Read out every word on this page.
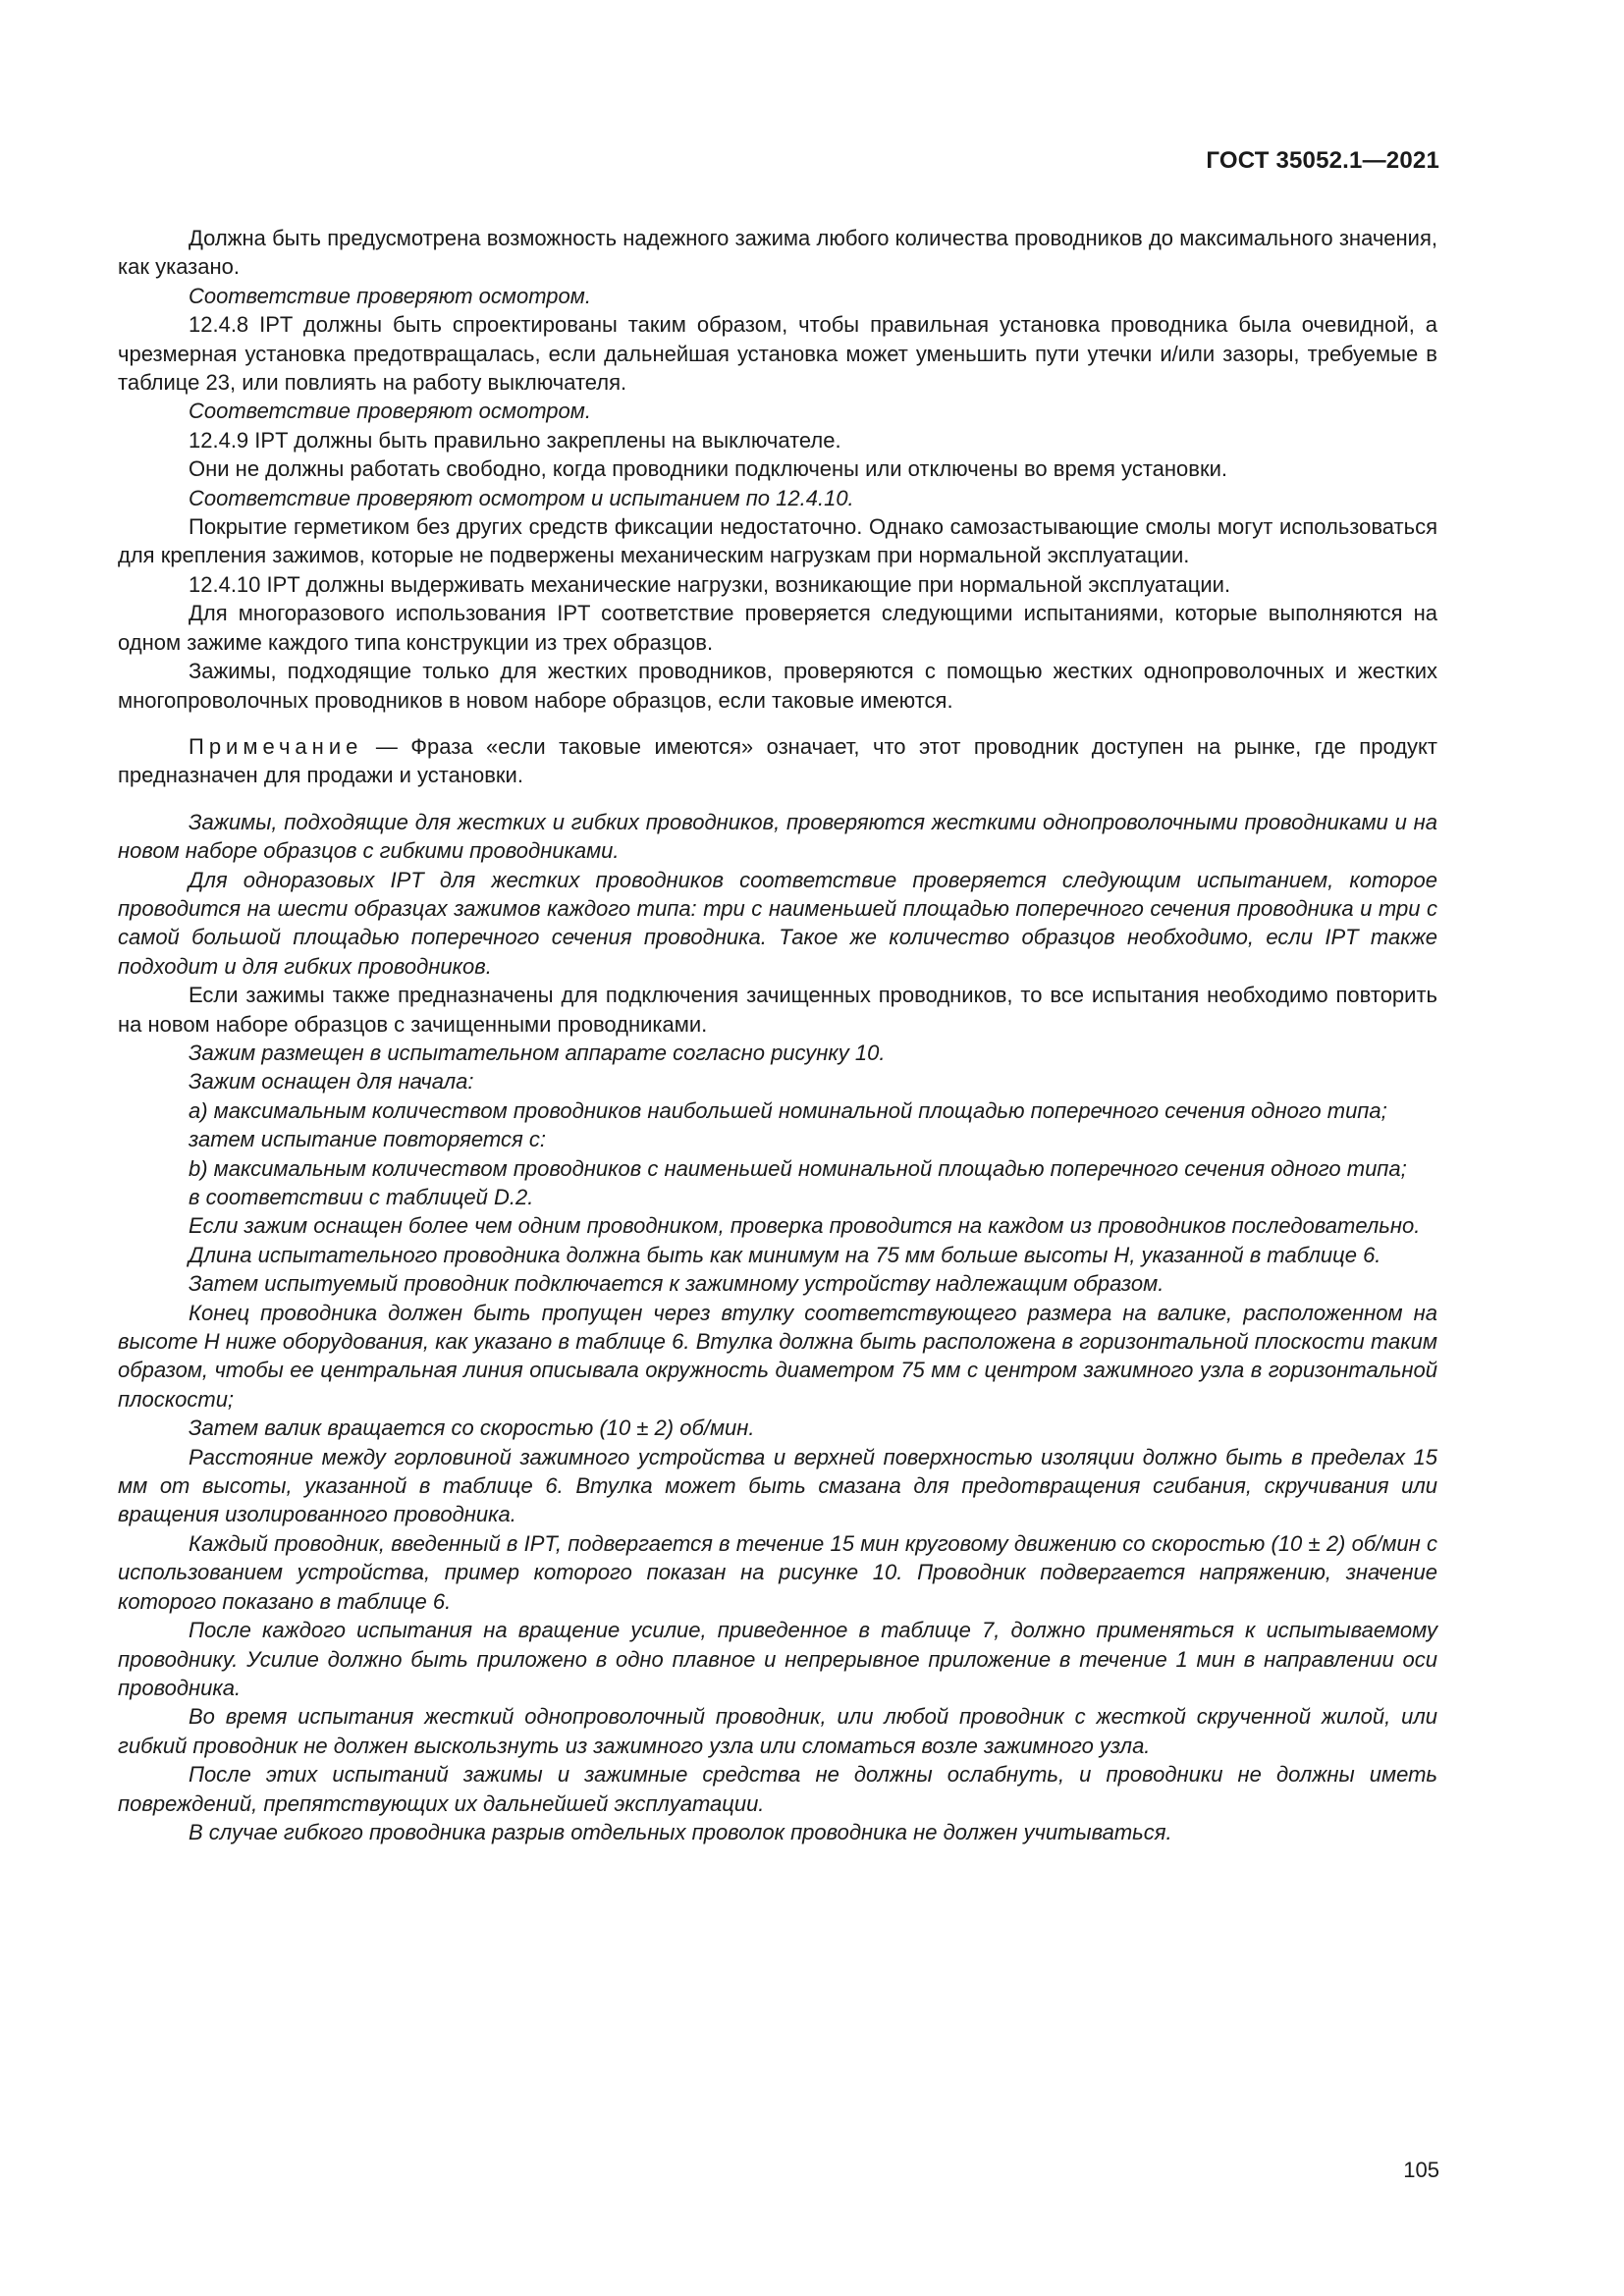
ГОСТ 35052.1—2021

Должна быть предусмотрена возможность надежного зажима любого количества проводников до максимального значения, как указано.

Соответствие проверяют осмотром.

12.4.8 IPT должны быть спроектированы таким образом, чтобы правильная установка проводника была очевидной, а чрезмерная установка предотвращалась, если дальнейшая установка может уменьшить пути утечки и/или зазоры, требуемые в таблице 23, или повлиять на работу выключателя.

Соответствие проверяют осмотром.

12.4.9 IPT должны быть правильно закреплены на выключателе.

Они не должны работать свободно, когда проводники подключены или отключены во время установки.

Соответствие проверяют осмотром и испытанием по 12.4.10.

Покрытие герметиком без других средств фиксации недостаточно. Однако самозастывающие смолы могут использоваться для крепления зажимов, которые не подвержены механическим нагрузкам при нормальной эксплуатации.

12.4.10 IPT должны выдерживать механические нагрузки, возникающие при нормальной эксплуатации.

Для многоразового использования IPT соответствие проверяется следующими испытаниями, которые выполняются на одном зажиме каждого типа конструкции из трех образцов.

Зажимы, подходящие только для жестких проводников, проверяются с помощью жестких однопроволочных и жестких многопроволочных проводников в новом наборе образцов, если таковые имеются.

Примечание — Фраза «если таковые имеются» означает, что этот проводник доступен на рынке, где продукт предназначен для продажи и установки.

Зажимы, подходящие для жестких и гибких проводников, проверяются жесткими однопроволочными проводниками и на новом наборе образцов с гибкими проводниками.

Для одноразовых IPT для жестких проводников соответствие проверяется следующим испытанием, которое проводится на шести образцах зажимов каждого типа: три с наименьшей площадью поперечного сечения проводника и три с самой большой площадью поперечного сечения проводника. Такое же количество образцов необходимо, если IPT также подходит и для гибких проводников.

Если зажимы также предназначены для подключения зачищенных проводников, то все испытания необходимо повторить на новом наборе образцов с зачищенными проводниками.

Зажим размещен в испытательном аппарате согласно рисунку 10.

Зажим оснащен для начала:

a) максимальным количеством проводников наибольшей номинальной площадью поперечного сечения одного типа;

затем испытание повторяется с:

b) максимальным количеством проводников с наименьшей номинальной площадью поперечного сечения одного типа;

в соответствии с таблицей D.2.

Если зажим оснащен более чем одним проводником, проверка проводится на каждом из проводников последовательно.

Длина испытательного проводника должна быть как минимум на 75 мм больше высоты H, указанной в таблице 6.

Затем испытуемый проводник подключается к зажимному устройству надлежащим образом.

Конец проводника должен быть пропущен через втулку соответствующего размера на валике, расположенном на высоте H ниже оборудования, как указано в таблице 6. Втулка должна быть расположена в горизонтальной плоскости таким образом, чтобы ее центральная линия описывала окружность диаметром 75 мм с центром зажимного узла в горизонтальной плоскости;

Затем валик вращается со скоростью (10 ± 2) об/мин.

Расстояние между горловиной зажимного устройства и верхней поверхностью изоляции должно быть в пределах 15 мм от высоты, указанной в таблице 6. Втулка может быть смазана для предотвращения сгибания, скручивания или вращения изолированного проводника.

Каждый проводник, введенный в IPT, подвергается в течение 15 мин круговому движению со скоростью (10 ± 2) об/мин с использованием устройства, пример которого показан на рисунке 10. Проводник подвергается напряжению, значение которого показано в таблице 6.

После каждого испытания на вращение усилие, приведенное в таблице 7, должно применяться к испытываемому проводнику. Усилие должно быть приложено в одно плавное и непрерывное приложение в течение 1 мин в направлении оси проводника.

Во время испытания жесткий однопроволочный проводник, или любой проводник с жесткой скрученной жилой, или гибкий проводник не должен выскользнуть из зажимного узла или сломаться возле зажимного узла.

После этих испытаний зажимы и зажимные средства не должны ослабнуть, и проводники не должны иметь повреждений, препятствующих их дальнейшей эксплуатации.

В случае гибкого проводника разрыв отдельных проволок проводника не должен учитываться.

105
